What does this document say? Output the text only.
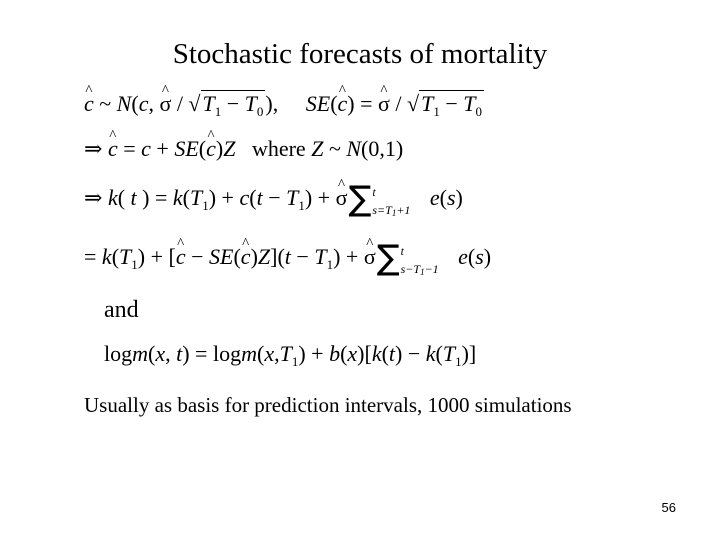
Stochastic forecasts of mortality
^ c ~ N(c, ^ $\sigma / √T_1 - T_0$),     SE(^ c) = ^ $\sigma / √T_1 - T_0$
⇒ ^ c = c + SE(^ c)Z where Z ~ N(0,1)
⇒ k( t ) = $k(T_1) + c(t - T_1)$ + ^ σ∑ t
$s=T_1+1$ e(s)
= $k(T_1)$ + [^ c − SE(^ $c)Z](t - T_1)$ + ^ σ∑ t
$s-T_1-1$ e(s)
and
logm(x, $t) = \log m(x,T_1) + b(x)[k(t) - k(T_1)]$
Usually as basis for prediction intervals, 1000 simulations
56
